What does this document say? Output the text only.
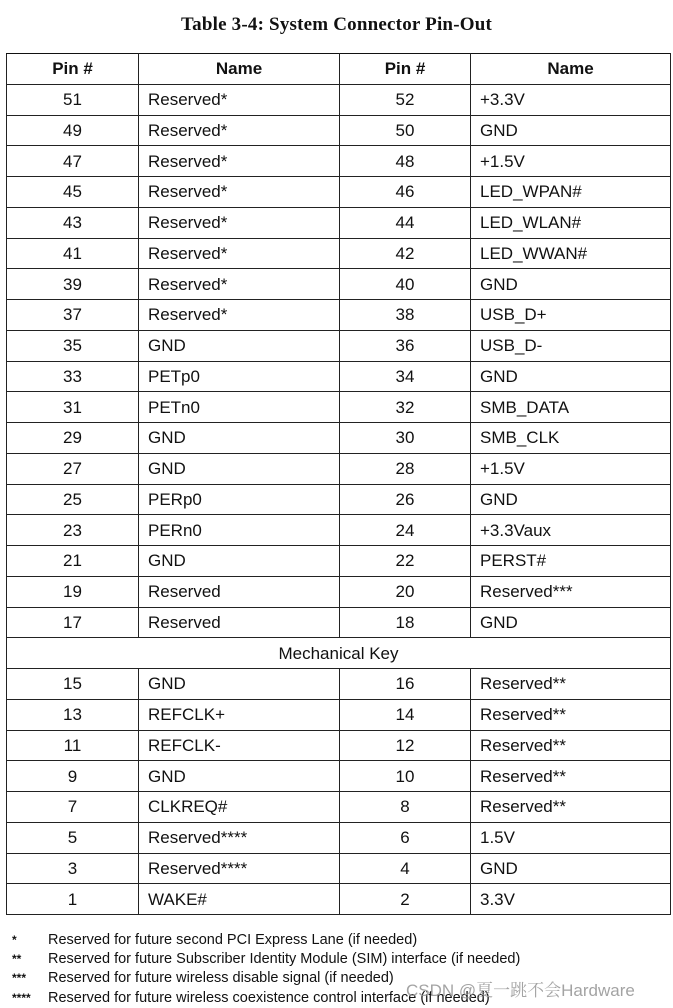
Table 3-4: System Connector Pin-Out
Pin #	Name	Pin #	Name
51	Reserved*	52	+3.3V
49	Reserved*	50	GND
47	Reserved*	48	+1.5V
45	Reserved*	46	LED_WPAN#
43	Reserved*	44	LED_WLAN#
41	Reserved*	42	LED_WWAN#
39	Reserved*	40	GND
37	Reserved*	38	USB_D+
35	GND	36	USB_D-
33	PETp0	34	GND
31	PETn0	32	SMB_DATA
29	GND	30	SMB_CLK
27	GND	28	+1.5V
25	PERp0	26	GND
23	PERn0	24	+3.3Vaux
21	GND	22	PERST#
19	Reserved	20	Reserved***
17	Reserved	18	GND
Mechanical Key			
15	GND	16	Reserved**
13	REFCLK+	14	Reserved**
11	REFCLK-	12	Reserved**
9	GND	10	Reserved**
7	CLKREQ#	8	Reserved**
5	Reserved****	6	1.5V
3	Reserved****	4	GND
1	WAKE#	2	3.3V
*	Reserved for future second PCI Express Lane (if needed)
**	Reserved for future Subscriber Identity Module (SIM) interface (if needed)
***	Reserved for future wireless disable signal (if needed)
****	Reserved for future wireless coexistence control interface (if needed)
CSDN @夏一跳不会Hardware
